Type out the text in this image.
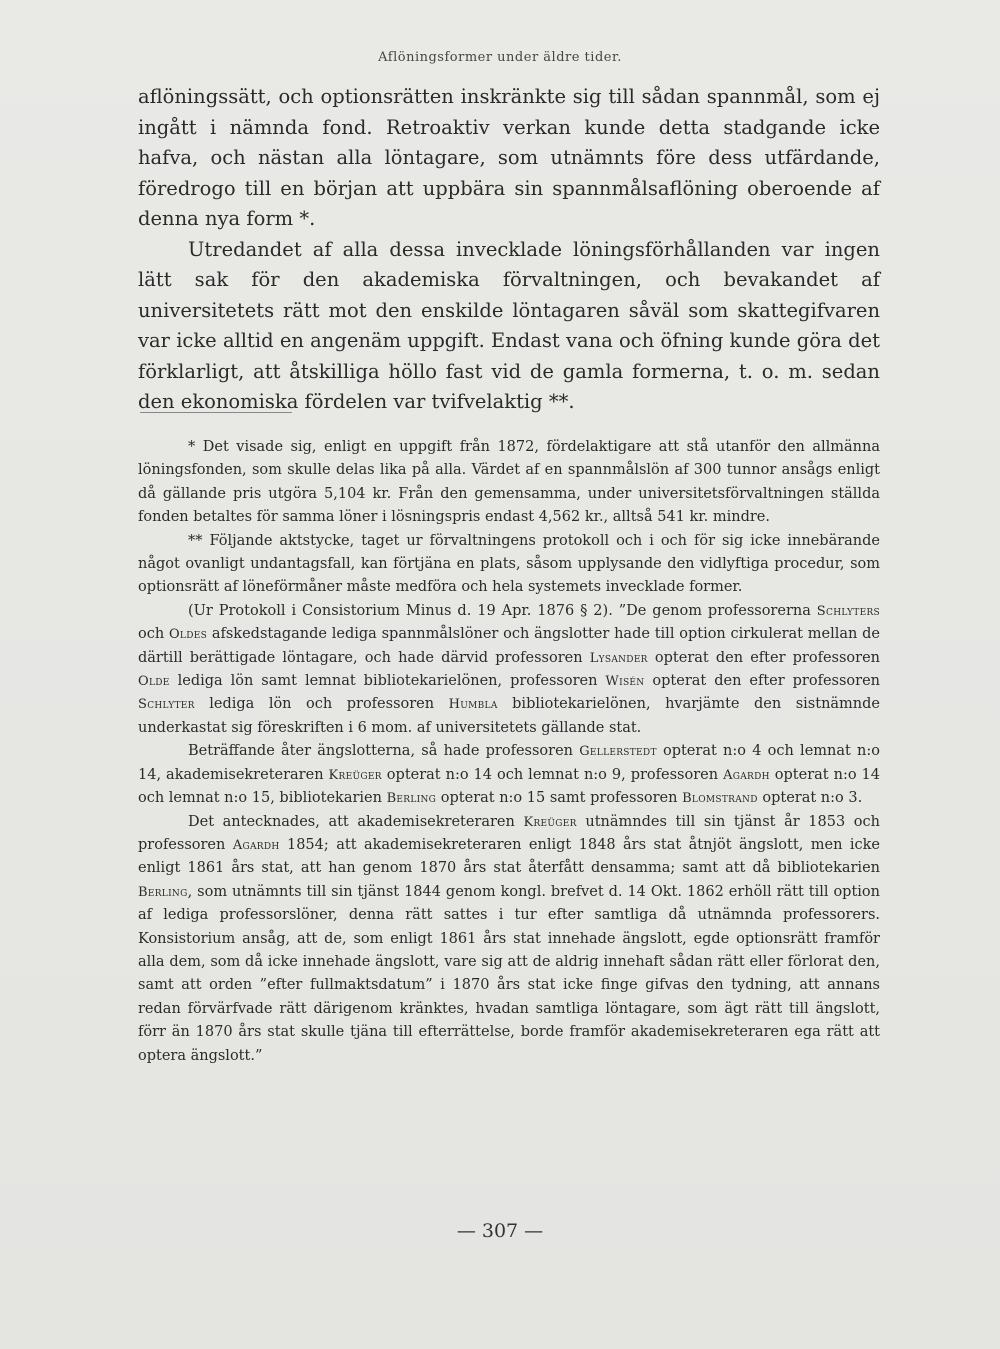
Aflöningsformer under äldre tider.

aflöningssätt, och optionsrätten inskränkte sig till sådan spannmål, som ej ingått i nämnda fond. Retroaktiv verkan kunde detta stadgande icke hafva, och nästan alla löntagare, som utnämnts före dess utfärdande, föredrogo till en början att uppbära sin spannmålsaflöning oberoende af denna nya form *.

Utredandet af alla dessa invecklade löningsförhållanden var ingen lätt sak för den akademiska förvaltningen, och bevakandet af universitetets rätt mot den enskilde löntagaren såväl som skattegifvaren var icke alltid en angenäm uppgift. Endast vana och öfning kunde göra det förklarligt, att åtskilliga höllo fast vid de gamla formerna, t. o. m. sedan den ekonomiska fördelen var tvifvelaktig **.

* Det visade sig, enligt en uppgift från 1872, fördelaktigare att stå utanför den allmänna löningsfonden, som skulle delas lika på alla. Värdet af en spannmålslön af 300 tunnor ansågs enligt då gällande pris utgöra 5,104 kr. Från den gemensamma, under universitetsförvaltningen ställda fonden betaltes för samma löner i lösningspris endast 4,562 kr., alltså 541 kr. mindre.

** Följande aktstycke, taget ur förvaltningens protokoll och i och för sig icke innebärande något ovanligt undantagsfall, kan förtjäna en plats, såsom upplysande den vidlyftiga procedur, som optionsrätt af löneförmåner måste medföra och hela systemets invecklade former.

(Ur Protokoll i Consistorium Minus d. 19 Apr. 1876 § 2). ”De genom professorerna Schlyters och Oldes afskedstagande lediga spannmålslöner och ängslotter hade till option cirkulerat mellan de därtill berättigade löntagare, och hade därvid professoren Lysander opterat den efter professoren Olde lediga lön samt lemnat bibliotekarielönen, professoren Wisén opterat den efter professoren Schlyter lediga lön och professoren Humbla bibliotekarielönen, hvarjämte den sistnämnde underkastat sig föreskriften i 6 mom. af universitetets gällande stat.

Beträffande åter ängslotterna, så hade professoren Gellerstedt opterat n:o 4 och lemnat n:o 14, akademisekreteraren Kreüger opterat n:o 14 och lemnat n:o 9, professoren Agardh opterat n:o 14 och lemnat n:o 15, bibliotekarien Berling opterat n:o 15 samt professoren Blomstrand opterat n:o 3.

Det antecknades, att akademisekreteraren Kreüger utnämndes till sin tjänst år 1853 och professoren Agardh 1854; att akademisekreteraren enligt 1848 års stat åtnjöt ängslott, men icke enligt 1861 års stat, att han genom 1870 års stat återfått densamma; samt att då bibliotekarien Berling, som utnämnts till sin tjänst 1844 genom kongl. brefvet d. 14 Okt. 1862 erhöll rätt till option af lediga professorslöner, denna rätt sattes i tur efter samtliga då utnämnda professorers. Konsistorium ansåg, att de, som enligt 1861 års stat innehade ängslott, egde optionsrätt framför alla dem, som då icke innehade ängslott, vare sig att de aldrig innehaft sådan rätt eller förlorat den, samt att orden ”efter fullmaktsdatum” i 1870 års stat icke finge gifvas den tydning, att annans redan förvärfvade rätt därigenom kränktes, hvadan samtliga löntagare, som ägt rätt till ängslott, förr än 1870 års stat skulle tjäna till efterrättelse, borde framför akademisekreteraren ega rätt att optera ängslott.”

— 307 —
